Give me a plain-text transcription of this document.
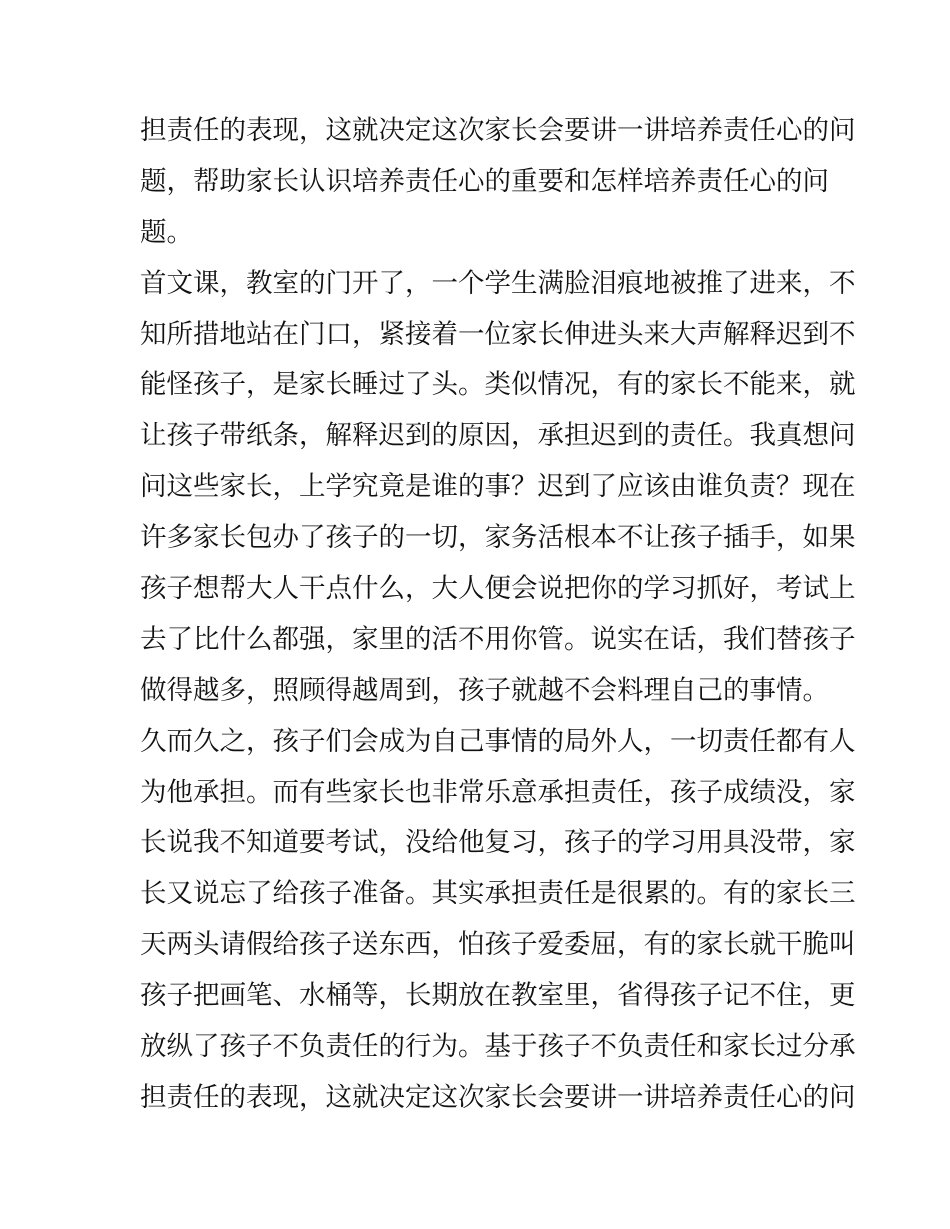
担责任的表现，这就决定这次家长会要讲一讲培养责任心的问
题，帮助家长认识培养责任心的重要和怎样培养责任心的问
题。
首文课，教室的门开了，一个学生满脸泪痕地被推了进来，不
知所措地站在门口，紧接着一位家长伸进头来大声解释迟到不
能怪孩子，是家长睡过了头。类似情况，有的家长不能来，就
让孩子带纸条，解释迟到的原因，承担迟到的责任。我真想问
问这些家长，上学究竟是谁的事？迟到了应该由谁负责？现在
许多家长包办了孩子的一切，家务活根本不让孩子插手，如果
孩子想帮大人干点什么，大人便会说把你的学习抓好，考试上
去了比什么都强，家里的活不用你管。说实在话，我们替孩子
做得越多，照顾得越周到，孩子就越不会料理自己的事情。
久而久之，孩子们会成为自己事情的局外人，一切责任都有人
为他承担。而有些家长也非常乐意承担责任，孩子成绩没，家
长说我不知道要考试，没给他复习，孩子的学习用具没带，家
长又说忘了给孩子准备。其实承担责任是很累的。有的家长三
天两头请假给孩子送东西，怕孩子爱委屈，有的家长就干脆叫
孩子把画笔、水桶等，长期放在教室里，省得孩子记不住，更
放纵了孩子不负责任的行为。基于孩子不负责任和家长过分承
担责任的表现，这就决定这次家长会要讲一讲培养责任心的问
